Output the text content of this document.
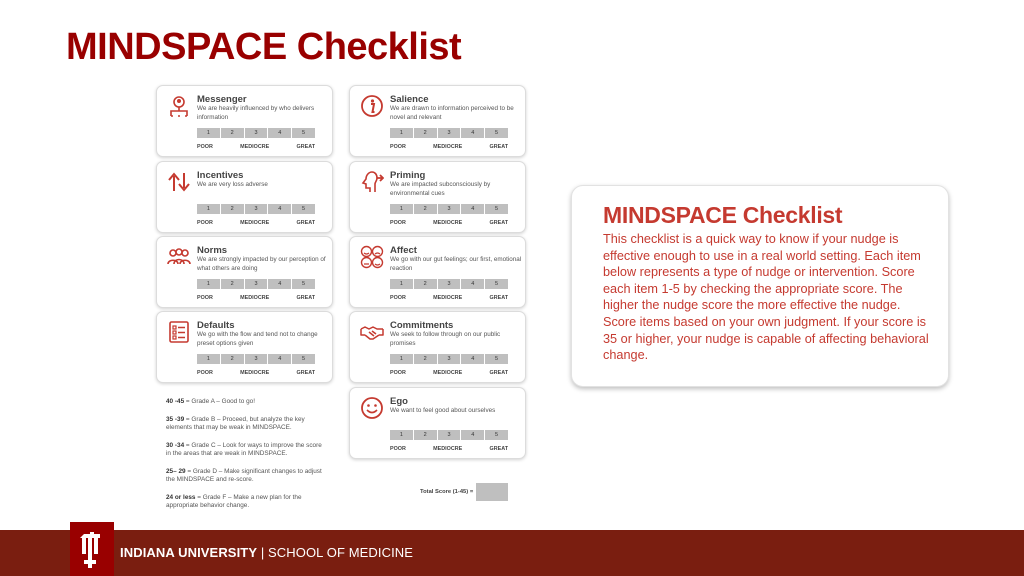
MINDSPACE Checklist
Messenger
We are heavily influenced by who delivers information
1	2	3	4	5
POOR	MEDIOCRE	GREAT
Salience
We are drawn to information perceived to be novel and relevant
1	2	3	4	5
POOR	MEDIOCRE	GREAT
Incentives
We are very loss adverse
1	2	3	4	5
POOR	MEDIOCRE	GREAT
Priming
We are impacted subconsciously by environmental cues
1	2	3	4	5
POOR	MEDIOCRE	GREAT
Norms
We are strongly impacted by our perception of what others are doing
1	2	3	4	5
POOR	MEDIOCRE	GREAT
Affect
We go with our gut feelings; our first, emotional reaction
1	2	3	4	5
POOR	MEDIOCRE	GREAT
Defaults
We go with the flow and tend not to change preset options given
1	2	3	4	5
POOR	MEDIOCRE	GREAT
Commitments
We seek to follow through on our public promises
1	2	3	4	5
POOR	MEDIOCRE	GREAT
Ego
We want to feel good about ourselves
1	2	3	4	5
POOR	MEDIOCRE	GREAT
40 -45 = Grade A – Good to go!
35 -39 = Grade B – Proceed, but analyze the key elements that may be weak in MINDSPACE.
30 -34 = Grade C – Look for ways to improve the score in the areas that are weak in MINDSPACE.
25– 29 = Grade D – Make significant changes to adjust the MINDSPACE and re-score.
24 or less = Grade F – Make a new plan for the appropriate behavior change.
Total Score (1-45) =
MINDSPACE Checklist
This checklist is a quick way to know if your nudge is effective enough to use in a real world setting. Each item below represents a type of nudge or intervention. Score each item 1-5 by checking the appropriate score. The higher the nudge score the more effective the nudge. Score items based on your own judgment. If your score is 35 or higher, your nudge is capable of affecting behavioral change.
INDIANA UNIVERSITY | SCHOOL OF MEDICINE
